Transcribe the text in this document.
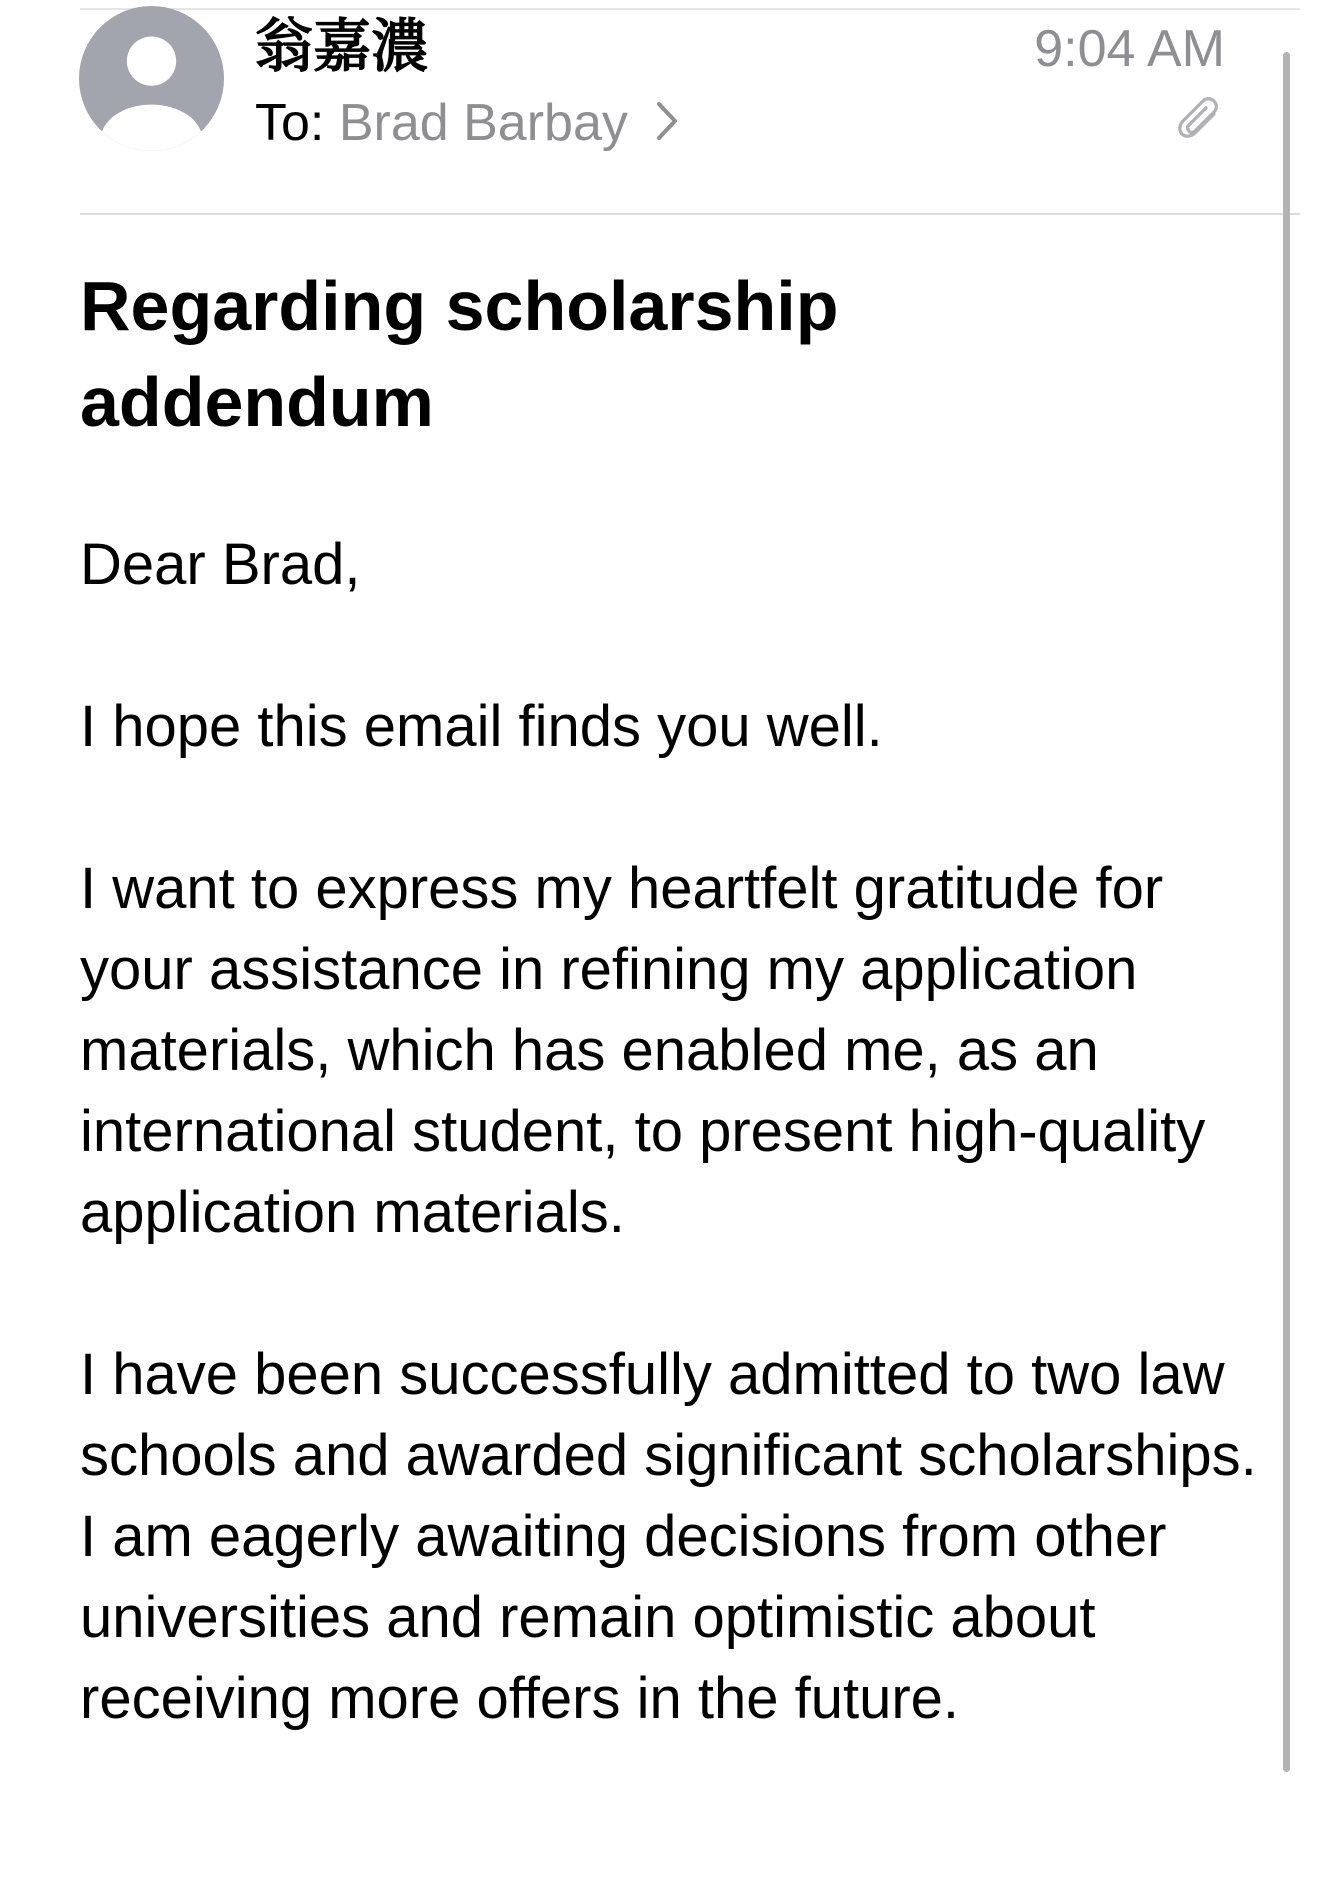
翁嘉濃
To: Brad Barbay
9:04 AM
Regarding scholarship addendum

Dear Brad,

I hope this email finds you well.

I want to express my heartfelt gratitude for your assistance in refining my application materials, which has enabled me, as an international student, to present high-quality application materials.

I have been successfully admitted to two law schools and awarded significant scholarships. I am eagerly awaiting decisions from other universities and remain optimistic about receiving more offers in the future.
